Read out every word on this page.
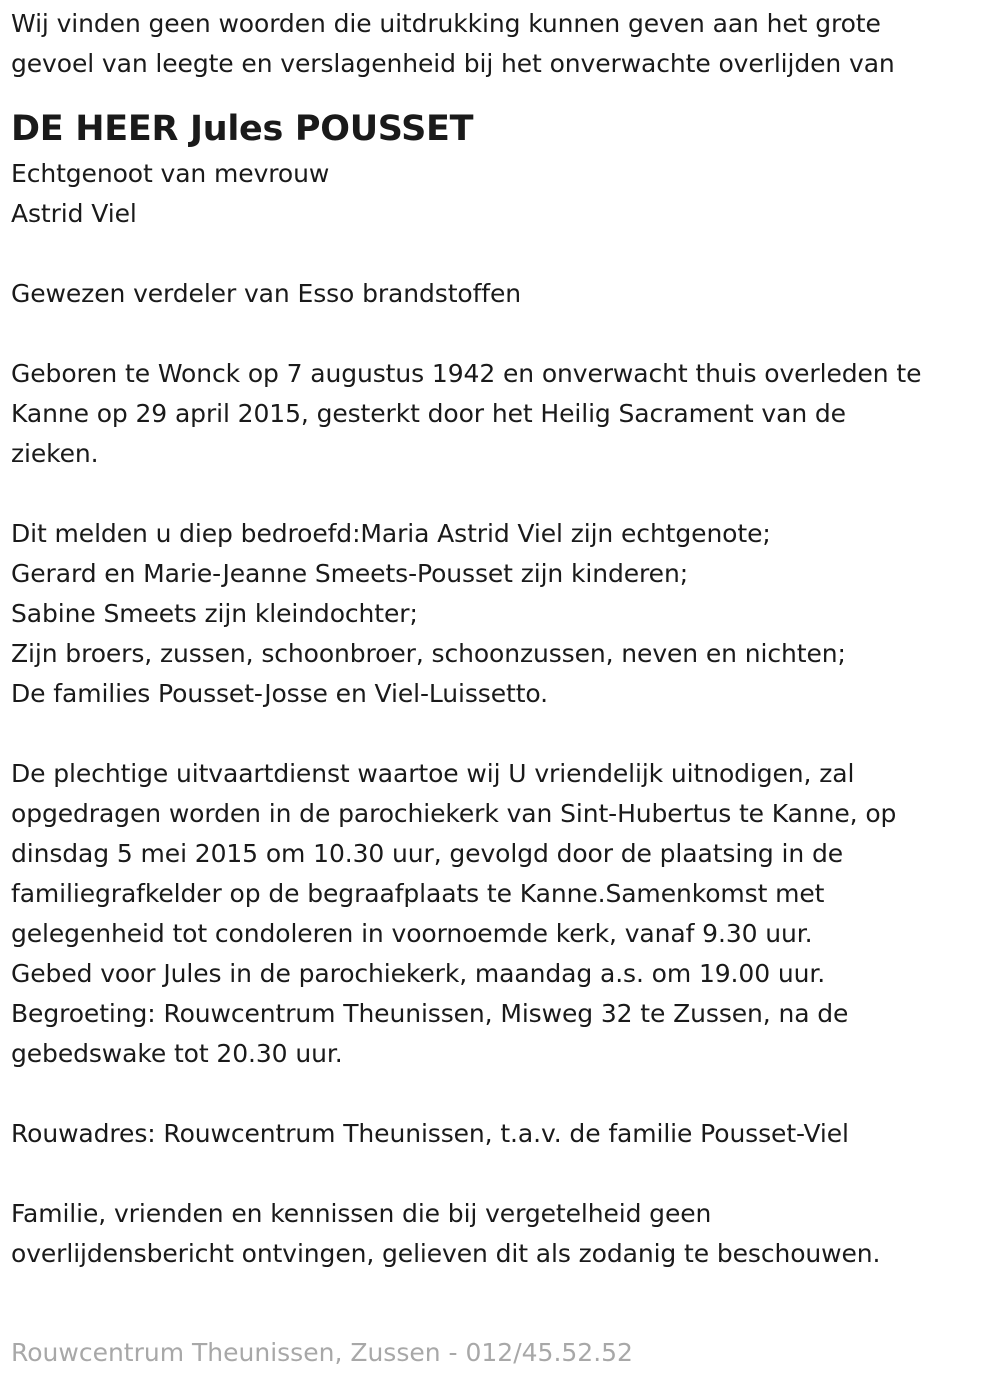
Wij vinden geen woorden die uitdrukking kunnen geven aan het grote
gevoel van leegte en verslagenheid bij het onverwachte overlijden van

DE HEER Jules POUSSET

Echtgenoot van mevrouw
Astrid Viel

Gewezen verdeler van Esso brandstoffen

Geboren te Wonck op 7 augustus 1942 en onverwacht thuis overleden te
Kanne op 29 april 2015, gesterkt door het Heilig Sacrament van de
zieken.

Dit melden u diep bedroefd:Maria Astrid Viel zijn echtgenote;
Gerard en Marie-Jeanne Smeets-Pousset zijn kinderen;
Sabine Smeets zijn kleindochter;
Zijn broers, zussen, schoonbroer, schoonzussen, neven en nichten;
De families Pousset-Josse en Viel-Luissetto.

De plechtige uitvaartdienst waartoe wij U vriendelijk uitnodigen, zal
opgedragen worden in de parochiekerk van Sint-Hubertus te Kanne, op
dinsdag 5 mei 2015 om 10.30 uur, gevolgd door de plaatsing in de
familiegrafkelder op de begraafplaats te Kanne.Samenkomst met
gelegenheid tot condoleren in voornoemde kerk, vanaf 9.30 uur.
Gebed voor Jules in de parochiekerk, maandag a.s. om 19.00 uur.
Begroeting: Rouwcentrum Theunissen, Misweg 32 te Zussen, na de
gebedswake tot 20.30 uur.

Rouwadres: Rouwcentrum Theunissen, t.a.v. de familie Pousset-Viel

Familie, vrienden en kennissen die bij vergetelheid geen
overlijdensbericht ontvingen, gelieven dit als zodanig te beschouwen.

Rouwcentrum Theunissen, Zussen - 012/45.52.52
